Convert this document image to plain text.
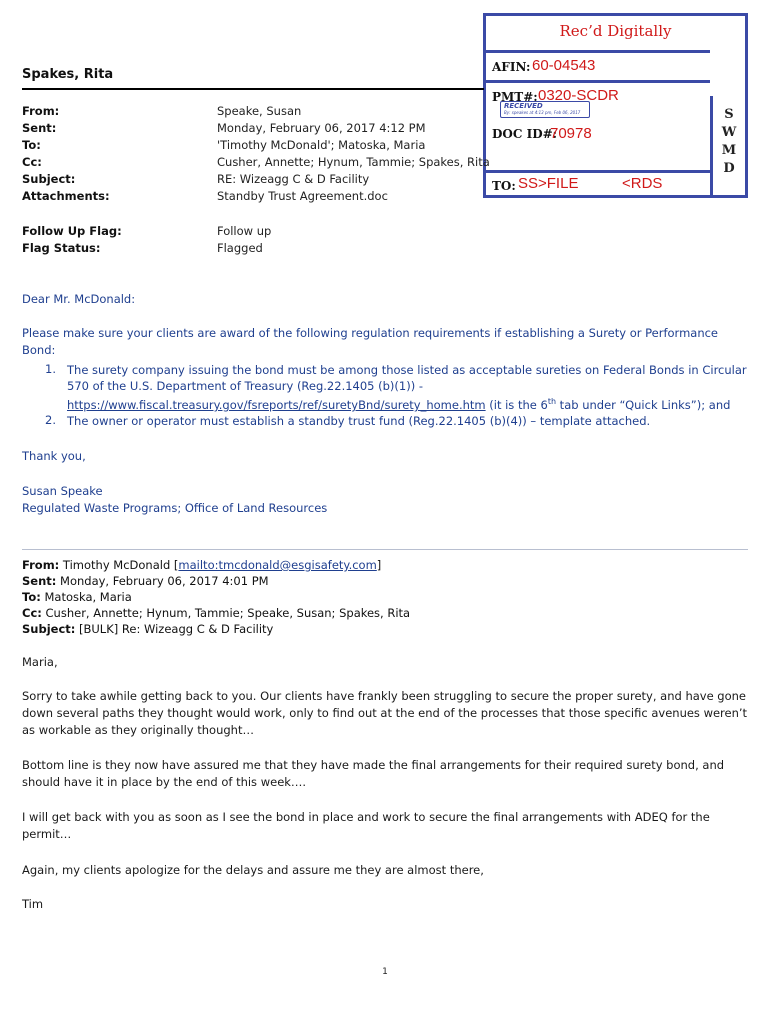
Rec’d Digitally
AFIN: 60-04543
PMT#: 0320-SCDR
RECEIVED
By: speakes at 4:13 pm, Feb 06, 2017
DOC ID#:
70978
TO: SS>FILE	<RDS
S
W
M
D
Spakes, Rita
From:	Speake, Susan
Sent:	Monday, February 06, 2017 4:12 PM
To:	'Timothy McDonald'; Matoska, Maria
Cc:	Cusher, Annette; Hynum, Tammie; Spakes, Rita
Subject:	RE: Wizeagg C & D Facility
Attachments:	Standby Trust Agreement.doc
Follow Up Flag:	Follow up
Flag Status:	Flagged
Dear Mr. McDonald:
Please make sure your clients are award of the following regulation requirements if establishing a Surety or Performance Bond:
1. The surety company issuing the bond must be among those listed as acceptable sureties on Federal Bonds in Circular
570 of the U.S. Department of Treasury (Reg.22.1405 (b)(1)) -
https://www.fiscal.treasury.gov/fsreports/ref/suretyBnd/surety_home.htm (it is the 6th tab under “Quick Links”); and
2. The owner or operator must establish a standby trust fund (Reg.22.1405 (b)(4)) – template attached.
Thank you,
Susan Speake
Regulated Waste Programs; Office of Land Resources
From: Timothy McDonald [mailto:tmcdonald@esgisafety.com]
Sent: Monday, February 06, 2017 4:01 PM
To: Matoska, Maria
Cc: Cusher, Annette; Hynum, Tammie; Speake, Susan; Spakes, Rita
Subject: [BULK] Re: Wizeagg C & D Facility
Maria,
Sorry to take awhile getting back to you. Our clients have frankly been struggling to secure the proper surety, and have gone down several paths they thought would work, only to find out at the end of the processes that those specific avenues weren’t as workable as they originally thought…
Bottom line is they now have assured me that they have made the final arrangements for their required surety bond, and should have it in place by the end of this week….
I will get back with you as soon as I see the bond in place and work to secure the final arrangements with ADEQ for the permit…
Again, my clients apologize for the delays and assure me they are almost there,
Tim
1
